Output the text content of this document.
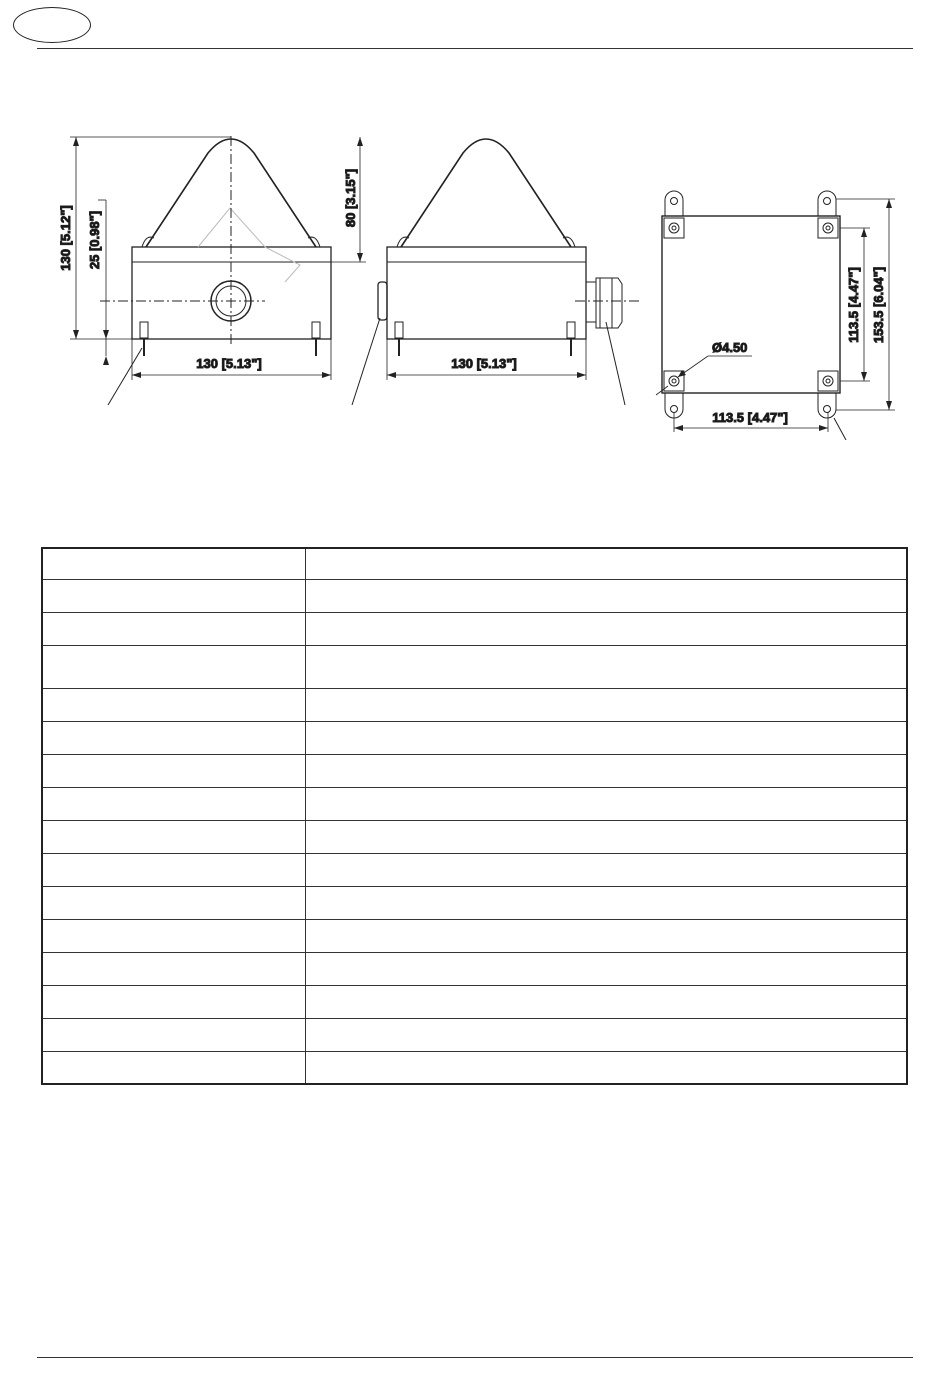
130 [5.12"] 25 [0.98"]
80 [3.15"]
130 [5.13"]	130 [5.13"]
Ø4.50
113.5 [4.47"]
113.5 [4.47"] 153.5 [6.04"]
